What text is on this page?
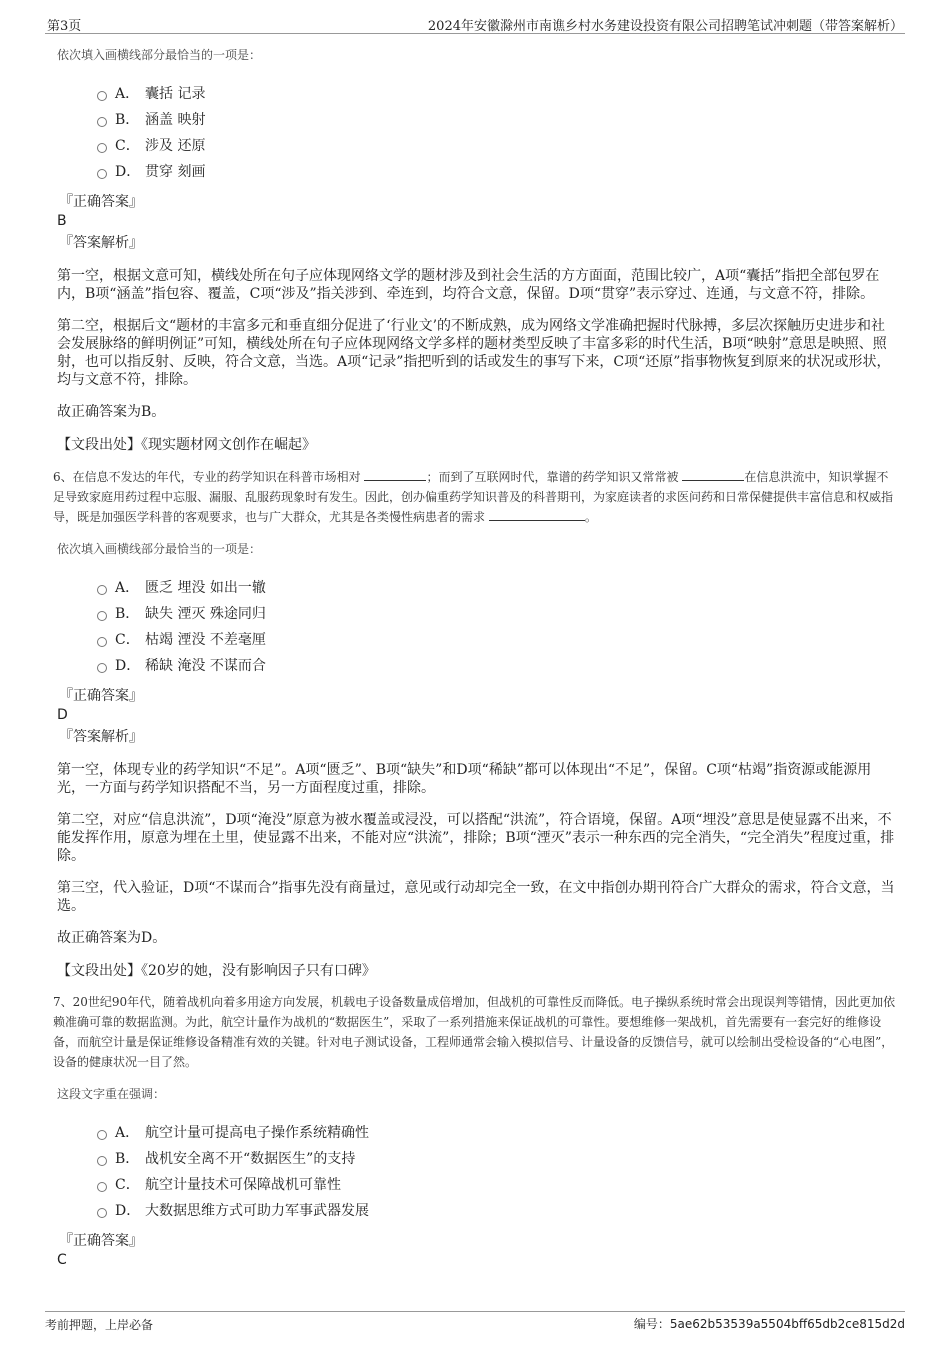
第3页	2024年安徽滁州市南谯乡村水务建设投资有限公司招聘笔试冲刺题（带答案解析）
依次填入画横线部分最恰当的一项是：
A． 囊括 记录
B． 涵盖 映射
C． 涉及 还原
D． 贯穿 刻画
『正确答案』
B
『答案解析』

第一空，根据文意可知，横线处所在句子应体现网络文学的题材涉及到社会生活的方方面面，范围比较广，A项“囊括”指把全部包罗在内，B项“涵盖”指包容、覆盖，C项“涉及”指关涉到、牵连到，均符合文意，保留。D项“贯穿”表示穿过、连通，与文意不符，排除。

第二空，根据后文“题材的丰富多元和垂直细分促进了‘行业文’的不断成熟，成为网络文学准确把握时代脉搏，多层次探触历史进步和社会发展脉络的鲜明例证”可知，横线处所在句子应体现网络文学多样的题材类型反映了丰富多彩的时代生活，B项“映射”意思是映照、照射，也可以指反射、反映，符合文意，当选。A项“记录”指把听到的话或发生的事写下来，C项“还原”指事物恢复到原来的状况或形状，均与文意不符，排除。

故正确答案为B。

【文段出处】《现实题材网文创作在崛起》
6、在信息不发达的年代，专业的药学知识在科普市场相对	；而到了互联网时代，靠谱的药学知识又常常被	在信息洪流中，知识掌握不足导致家庭用药过程中忘服、漏服、乱服药现象时有发生。因此，创办偏重药学知识普及的科普期刊，为家庭读者的求医问药和日常保健提供丰富信息和权威指导，既是加强医学科普的客观要求，也与广大群众，尤其是各类慢性病患者的需求	。
依次填入画横线部分最恰当的一项是：
A． 匮乏 埋没 如出一辙
B． 缺失 湮灭 殊途同归
C． 枯竭 湮没 不差毫厘
D． 稀缺 淹没 不谋而合
『正确答案』
D
『答案解析』

第一空，体现专业的药学知识“不足”。A项“匮乏”、B项“缺失”和D项“稀缺”都可以体现出“不足”，保留。C项“枯竭”指资源或能源用光，一方面与药学知识搭配不当，另一方面程度过重，排除。

第二空，对应“信息洪流”，D项“淹没”原意为被水覆盖或浸没，可以搭配“洪流”，符合语境，保留。A项“埋没”意思是使显露不出来，不能发挥作用，原意为埋在土里，使显露不出来，不能对应“洪流”，排除；B项“湮灭”表示一种东西的完全消失，“完全消失”程度过重，排除。

第三空，代入验证，D项“不谋而合”指事先没有商量过，意见或行动却完全一致，在文中指创办期刊符合广大群众的需求，符合文意，当选。

故正确答案为D。

【文段出处】《20岁的她，没有影响因子只有口碑》
7、20世纪90年代，随着战机向着多用途方向发展，机载电子设备数量成倍增加，但战机的可靠性反而降低。电子操纵系统时常会出现误判等错情，因此更加依赖准确可靠的数据监测。为此，航空计量作为战机的“数据医生”，采取了一系列措施来保证战机的可靠性。要想维修一架战机，首先需要有一套完好的维修设备，而航空计量是保证维修设备精准有效的关键。针对电子测试设备，工程师通常会输入模拟信号、计量设备的反馈信号，就可以绘制出受检设备的“心电图”，设备的健康状况一目了然。
这段文字重在强调：
A． 航空计量可提高电子操作系统精确性
B． 战机安全离不开“数据医生”的支持
C． 航空计量技术可保障战机可靠性
D． 大数据思维方式可助力军事武器发展
『正确答案』
C
考前押题，上岸必备	编号：5ae62b53539a5504bff65db2ce815d2d
